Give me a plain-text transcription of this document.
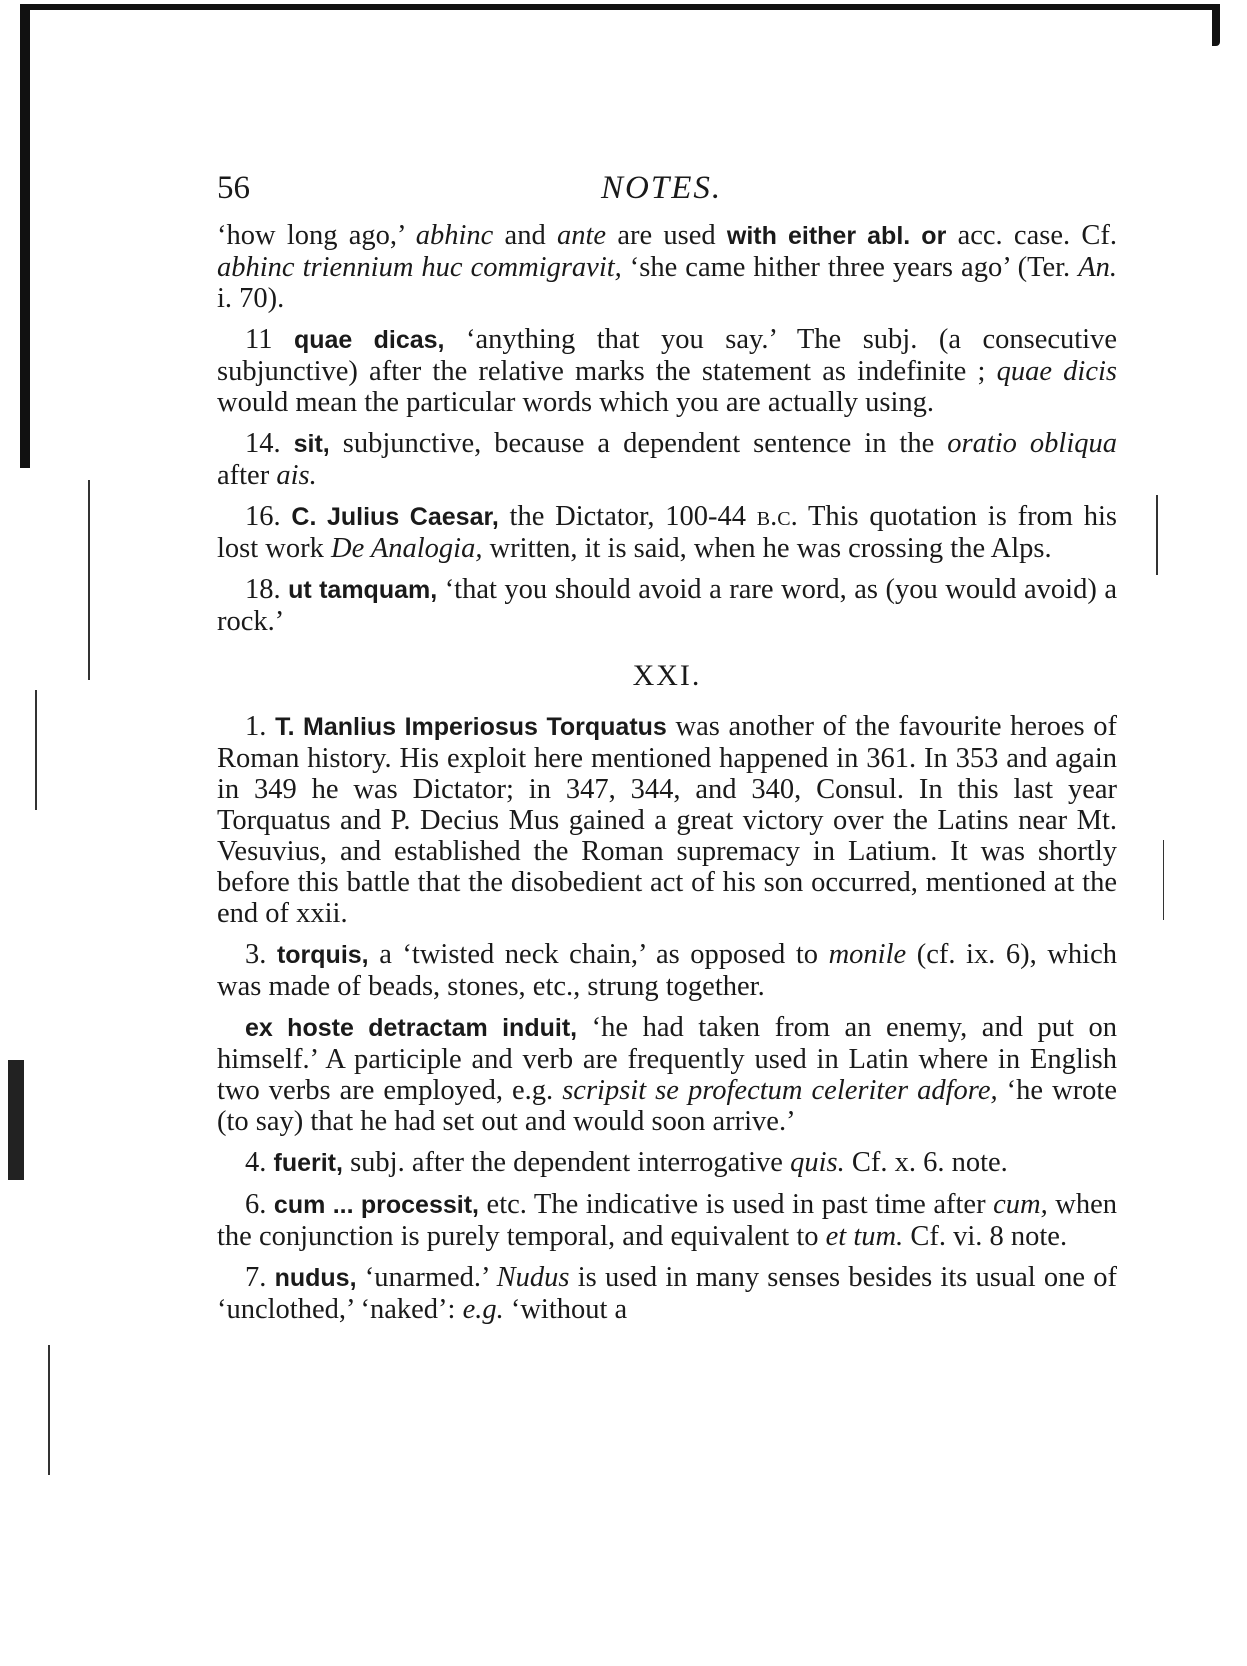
56	NOTES.

‘how long ago,’ abhinc and ante are used with either abl. or acc. case. Cf. abhinc triennium huc commigravit, ‘she came hither three years ago’ (Ter. An. i. 70).

11 quae dicas, ‘anything that you say.’ The subj. (a consecutive subjunctive) after the relative marks the statement as indefinite ; quae dicis would mean the particular words which you are actually using.

14. sit, subjunctive, because a dependent sentence in the oratio obliqua after ais.

16. C. Julius Caesar, the Dictator, 100-44 b.c. This quotation is from his lost work De Analogia, written, it is said, when he was crossing the Alps.

18. ut tamquam, ‘that you should avoid a rare word, as (you would avoid) a rock.’

XXI.

1. T. Manlius Imperiosus Torquatus was another of the favourite heroes of Roman history. His exploit here mentioned happened in 361. In 353 and again in 349 he was Dictator; in 347, 344, and 340, Consul. In this last year Torquatus and P. Decius Mus gained a great victory over the Latins near Mt. Vesuvius, and established the Roman supremacy in Latium. It was shortly before this battle that the disobedient act of his son occurred, mentioned at the end of xxii.

3. torquis, a ‘twisted neck chain,’ as opposed to monile (cf. ix. 6), which was made of beads, stones, etc., strung together.

ex hoste detractam induit, ‘he had taken from an enemy, and put on himself.’ A participle and verb are frequently used in Latin where in English two verbs are employed, e.g. scripsit se profectum celeriter adfore, ‘he wrote (to say) that he had set out and would soon arrive.’

4. fuerit, subj. after the dependent interrogative quis. Cf. x. 6. note.

6. cum ... processit, etc. The indicative is used in past time after cum, when the conjunction is purely temporal, and equivalent to et tum. Cf. vi. 8 note.

7. nudus, ‘unarmed.’ Nudus is used in many senses besides its usual one of ‘unclothed,’ ‘naked’: e.g. ‘without a
